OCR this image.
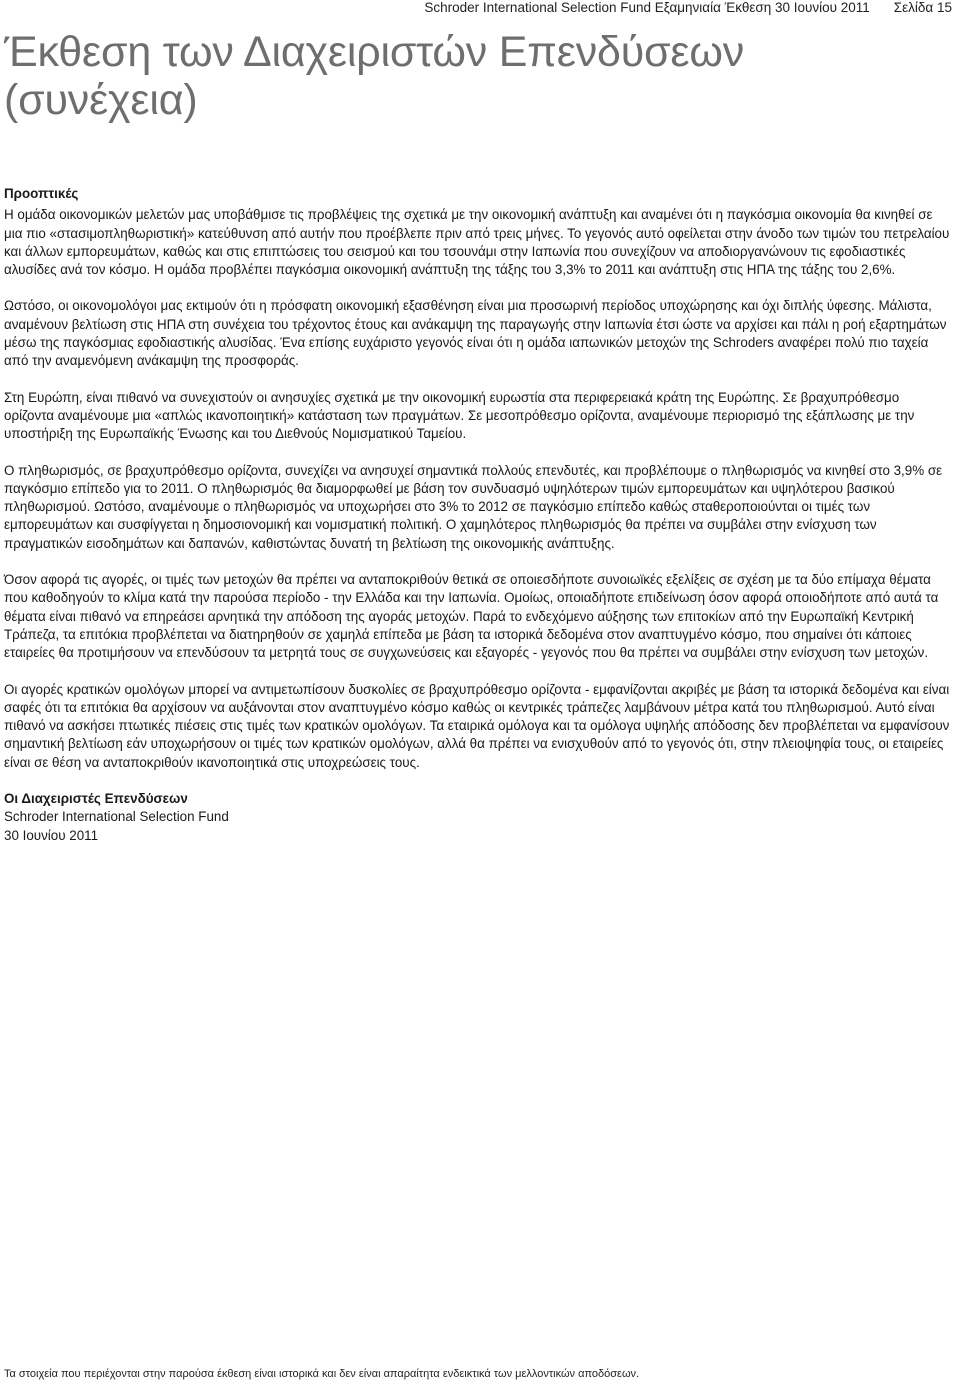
Schroder International Selection Fund Εξαμηνιαία Έκθεση 30 Ιουνίου 2011 Σελίδα 15
Έκθεση των Διαχειριστών Επενδύσεων
(συνέχεια)
Προοπτικές

Η ομάδα οικονομικών μελετών μας υποβάθμισε τις προβλέψεις της σχετικά με την οικονομική ανάπτυξη και αναμένει ότι η παγκόσμια οικονομία θα κινηθεί σε μια πιο «στασιμοπληθωριστική» κατεύθυνση από αυτήν που προέβλεπε πριν από τρεις μήνες. Το γεγονός αυτό οφείλεται στην άνοδο των τιμών του πετρελαίου και άλλων εμπορευμάτων, καθώς και στις επιπτώσεις του σεισμού και του τσουνάμι στην Ιαπωνία που συνεχίζουν να αποδιοργανώνουν τις εφοδιαστικές αλυσίδες ανά τον κόσμο. Η ομάδα προβλέπει παγκόσμια οικονομική ανάπτυξη της τάξης του 3,3% το 2011 και ανάπτυξη στις ΗΠΑ της τάξης του 2,6%.

Ωστόσο, οι οικονομολόγοι μας εκτιμούν ότι η πρόσφατη οικονομική εξασθένηση είναι μια προσωρινή περίοδος υποχώρησης και όχι διπλής ύφεσης. Μάλιστα, αναμένουν βελτίωση στις ΗΠΑ στη συνέχεια του τρέχοντος έτους και ανάκαμψη της παραγωγής στην Ιαπωνία έτσι ώστε να αρχίσει και πάλι η ροή εξαρτημάτων μέσω της παγκόσμιας εφοδιαστικής αλυσίδας. Ένα επίσης ευχάριστο γεγονός είναι ότι η ομάδα ιαπωνικών μετοχών της Schroders αναφέρει πολύ πιο ταχεία από την αναμενόμενη ανάκαμψη της προσφοράς.

Στη Ευρώπη, είναι πιθανό να συνεχιστούν οι ανησυχίες σχετικά με την οικονομική ευρωστία στα περιφερειακά κράτη της Ευρώπης. Σε βραχυπρόθεσμο ορίζοντα αναμένουμε μια «απλώς ικανοποιητική» κατάσταση των πραγμάτων. Σε μεσοπρόθεσμο ορίζοντα, αναμένουμε περιορισμό της εξάπλωσης με την υποστήριξη της Ευρωπαϊκής Ένωσης και του Διεθνούς Νομισματικού Ταμείου.

Ο πληθωρισμός, σε βραχυπρόθεσμο ορίζοντα, συνεχίζει να ανησυχεί σημαντικά πολλούς επενδυτές, και προβλέπουμε ο πληθωρισμός να κινηθεί στο 3,9% σε παγκόσμιο επίπεδο για το 2011. Ο πληθωρισμός θα διαμορφωθεί με βάση τον συνδυασμό υψηλότερων τιμών εμπορευμάτων και υψηλότερου βασικού πληθωρισμού. Ωστόσο, αναμένουμε ο πληθωρισμός να υποχωρήσει στο 3% το 2012 σε παγκόσμιο επίπεδο καθώς σταθεροποιούνται οι τιμές των εμπορευμάτων και συσφίγγεται η δημοσιονομική και νομισματική πολιτική. Ο χαμηλότερος πληθωρισμός θα πρέπει να συμβάλει στην ενίσχυση των πραγματικών εισοδημάτων και δαπανών, καθιστώντας δυνατή τη βελτίωση της οικονομικής ανάπτυξης.

Όσον αφορά τις αγορές, οι τιμές των μετοχών θα πρέπει να ανταποκριθούν θετικά σε οποιεσδήποτε συνοιωϊκές εξελίξεις σε σχέση με τα δύο επίμαχα θέματα που καθοδηγούν το κλίμα κατά την παρούσα περίοδο - την Ελλάδα και την Ιαπωνία. Ομοίως, οποιαδήποτε επιδείνωση όσον αφορά οποιοδήποτε από αυτά τα θέματα είναι πιθανό να επηρεάσει αρνητικά την απόδοση της αγοράς μετοχών. Παρά το ενδεχόμενο αύξησης των επιτοκίων από την Ευρωπαϊκή Κεντρική Τράπεζα, τα επιτόκια προβλέπεται να διατηρηθούν σε χαμηλά επίπεδα με βάση τα ιστορικά δεδομένα στον αναπτυγμένο κόσμο, που σημαίνει ότι κάποιες εταιρείες θα προτιμήσουν να επενδύσουν τα μετρητά τους σε συγχωνεύσεις και εξαγορές - γεγονός που θα πρέπει να συμβάλει στην ενίσχυση των μετοχών.

Οι αγορές κρατικών ομολόγων μπορεί να αντιμετωπίσουν δυσκολίες σε βραχυπρόθεσμο ορίζοντα - εμφανίζονται ακριβές με βάση τα ιστορικά δεδομένα και είναι σαφές ότι τα επιτόκια θα αρχίσουν να αυξάνονται στον αναπτυγμένο κόσμο καθώς οι κεντρικές τράπεζες λαμβάνουν μέτρα κατά του πληθωρισμού. Αυτό είναι πιθανό να ασκήσει πτωτικές πιέσεις στις τιμές των κρατικών ομολόγων. Τα εταιρικά ομόλογα και τα ομόλογα υψηλής απόδοσης δεν προβλέπεται να εμφανίσουν σημαντική βελτίωση εάν υποχωρήσουν οι τιμές των κρατικών ομολόγων, αλλά θα πρέπει να ενισχυθούν από το γεγονός ότι, στην πλειοψηφία τους, οι εταιρείες είναι σε θέση να ανταποκριθούν ικανοποιητικά στις υποχρεώσεις τους.

Οι Διαχειριστές Επενδύσεων
Schroder International Selection Fund
30 Ιουνίου 2011
Τα στοιχεία που περιέχονται στην παρούσα έκθεση είναι ιστορικά και δεν είναι απαραίτητα ενδεικτικά των μελλοντικών αποδόσεων.
